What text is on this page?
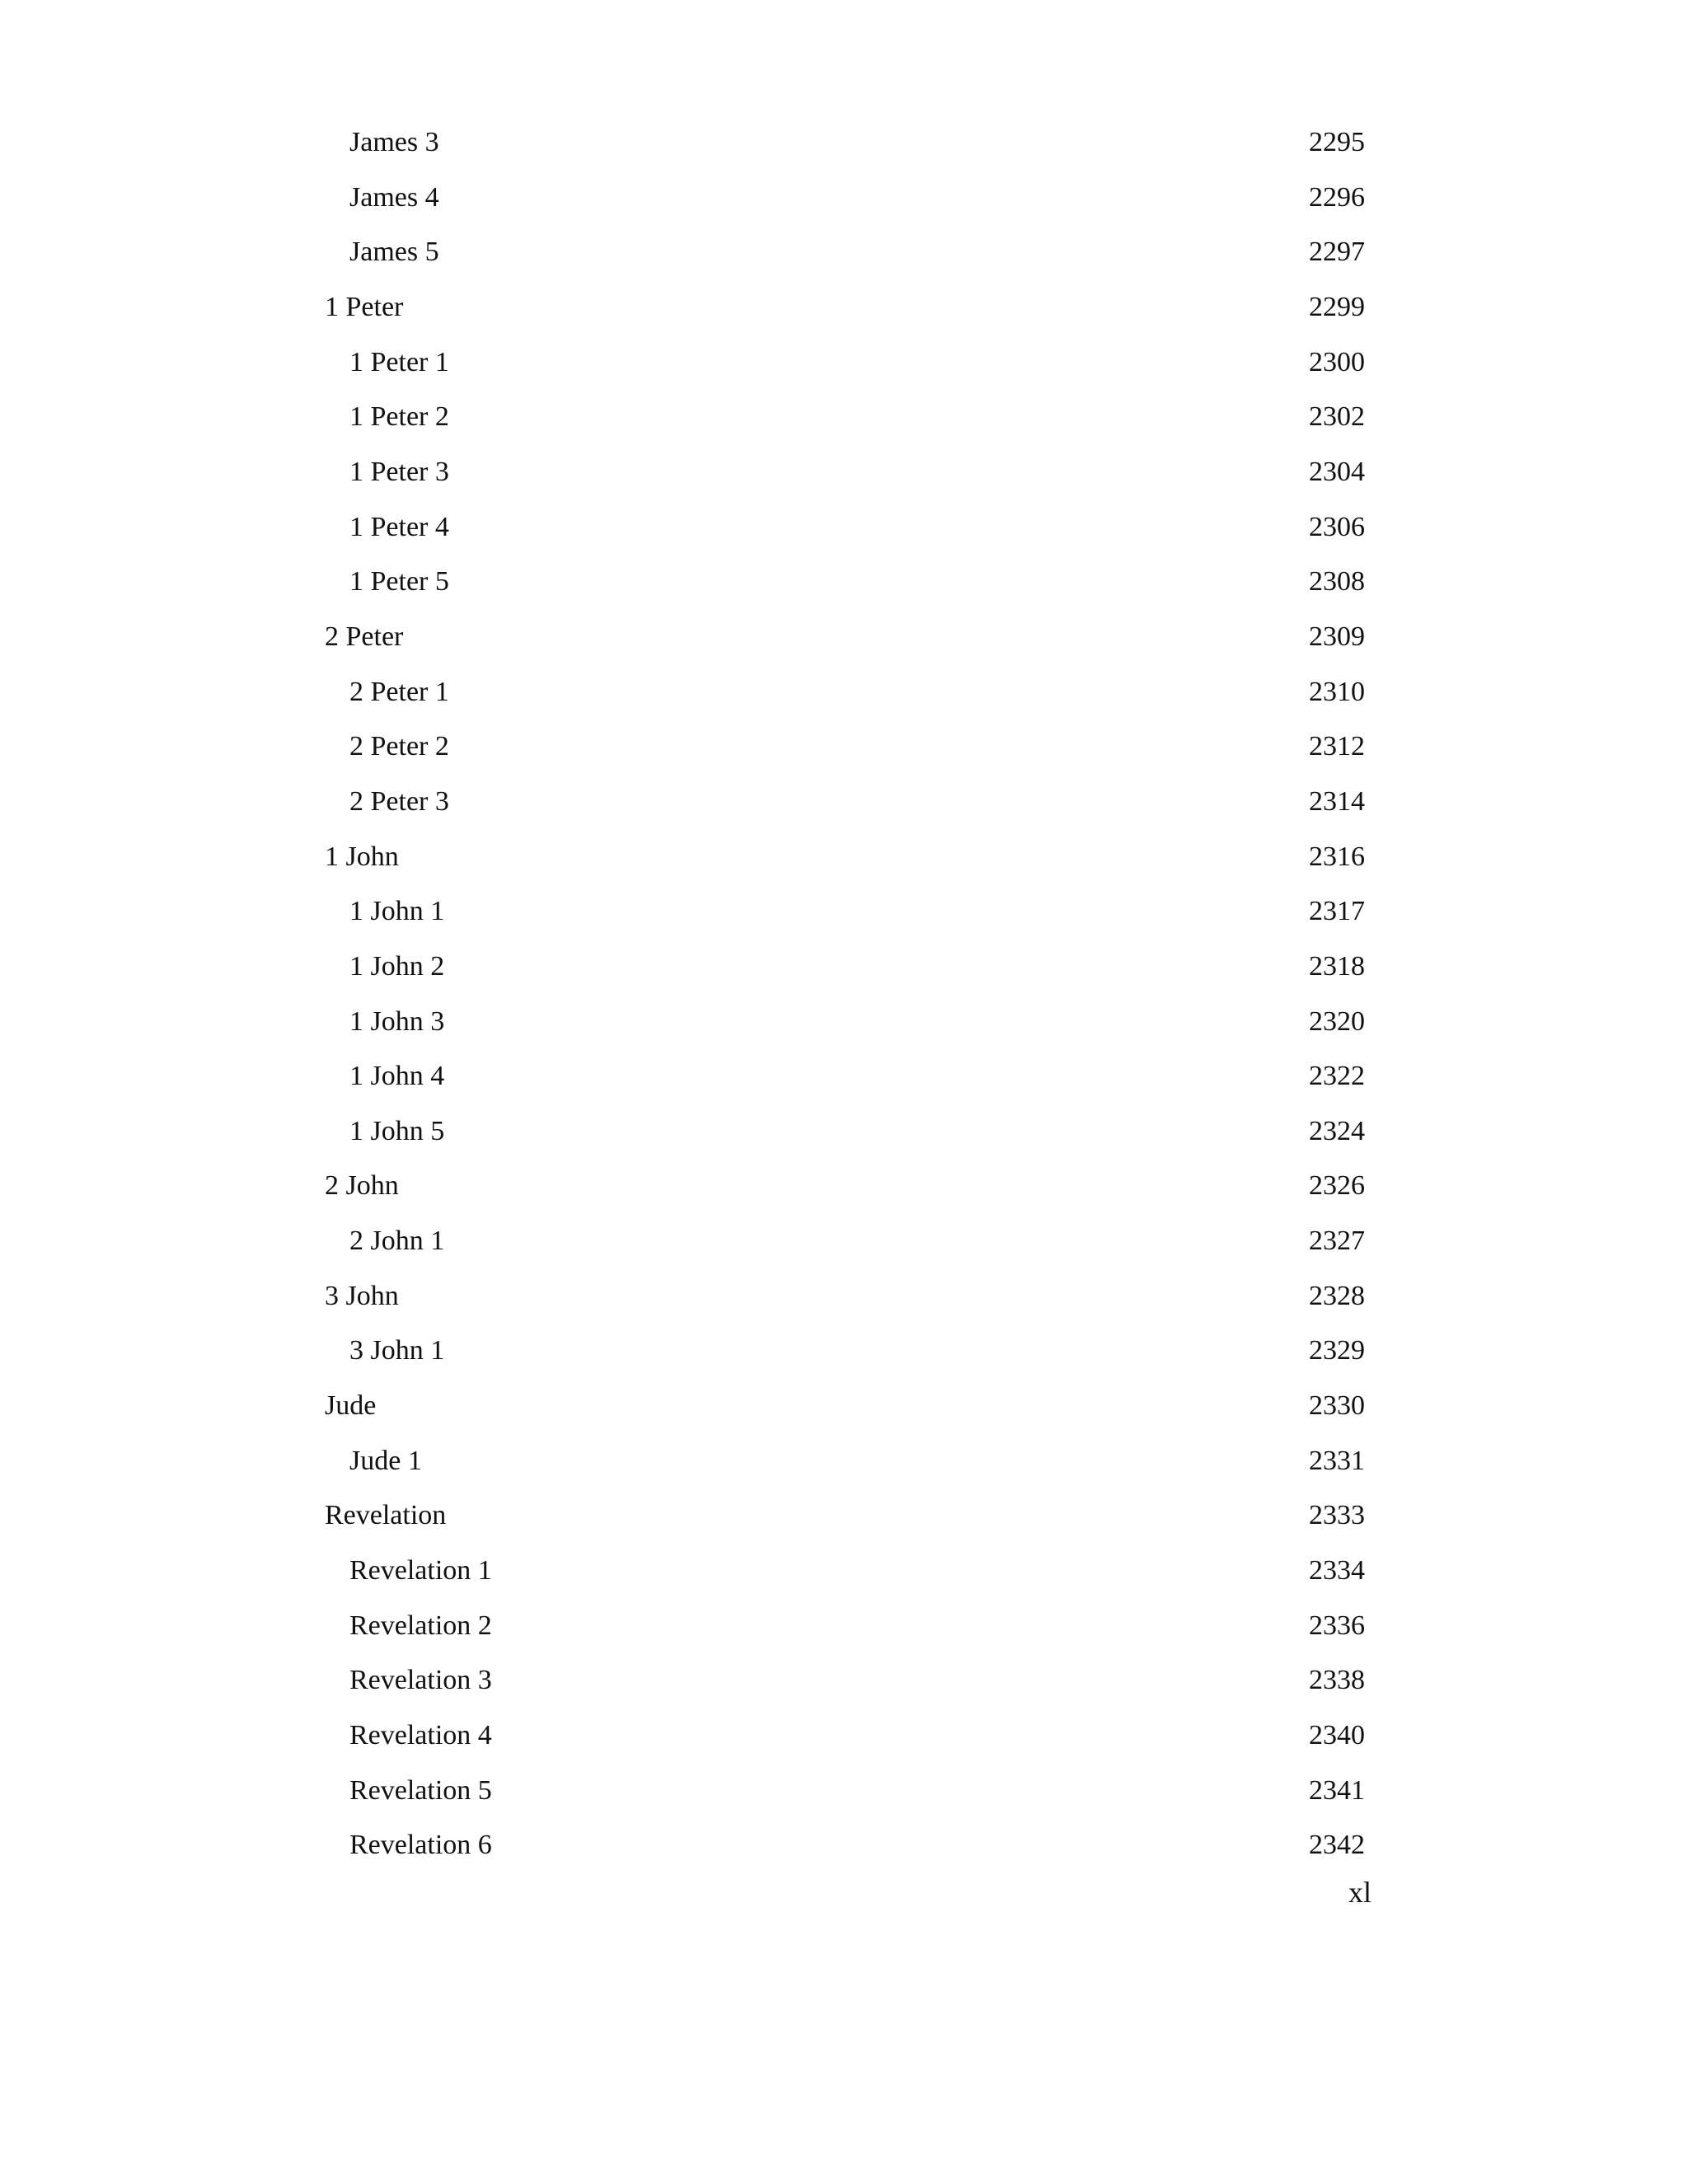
James 3	2295
James 4	2296
James 5	2297
1 Peter	2299
1 Peter 1	2300
1 Peter 2	2302
1 Peter 3	2304
1 Peter 4	2306
1 Peter 5	2308
2 Peter	2309
2 Peter 1	2310
2 Peter 2	2312
2 Peter 3	2314
1 John	2316
1 John 1	2317
1 John 2	2318
1 John 3	2320
1 John 4	2322
1 John 5	2324
2 John	2326
2 John 1	2327
3 John	2328
3 John 1	2329
Jude	2330
Jude 1	2331
Revelation	2333
Revelation 1	2334
Revelation 2	2336
Revelation 3	2338
Revelation 4	2340
Revelation 5	2341
Revelation 6	2342
xl
